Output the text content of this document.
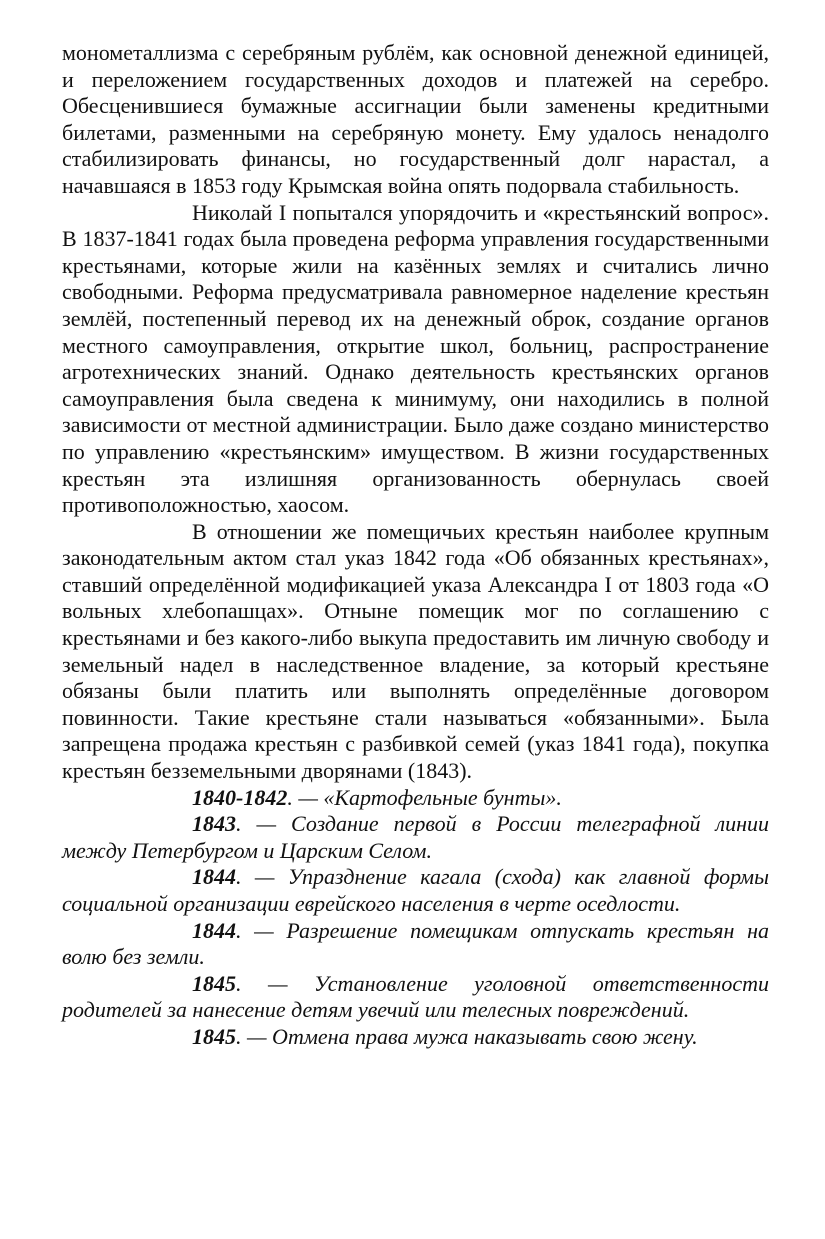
монометаллизма с серебряным рублём, как основной денежной единицей, и переложением государственных доходов и платежей на серебро. Обесценившиеся бумажные ассигнации были заменены кредитными билетами, разменными на серебряную монету. Ему удалось ненадолго стабилизировать финансы, но государственный долг нарастал, а начавшаяся в 1853 году Крымская война опять подорвала стабильность.

Николай I попытался упорядочить и «крестьянский вопрос». В 1837-1841 годах была проведена реформа управления государственными крестьянами, которые жили на казённых землях и считались лично свободными. Реформа предусматривала равномерное наделение крестьян землёй, постепенный перевод их на денежный оброк, создание органов местного самоуправления, открытие школ, больниц, распространение агротехнических знаний. Однако деятельность крестьянских органов самоуправления была сведена к минимуму, они находились в полной зависимости от местной администрации. Было даже создано министерство по управлению «крестьянским» имуществом. В жизни государственных крестьян эта излишняя организованность обернулась своей противоположностью, хаосом.

В отношении же помещичьих крестьян наиболее крупным законодательным актом стал указ 1842 года «Об обязанных крестьянах», ставший определённой модификацией указа Александра I от 1803 года «О вольных хлебопашцах». Отныне помещик мог по соглашению с крестьянами и без какого-либо выкупа предоставить им личную свободу и земельный надел в наследственное владение, за который крестьяне обязаны были платить или выполнять определённые договором повинности. Такие крестьяне стали называться «обязанными». Была запрещена продажа крестьян с разбивкой семей (указ 1841 года), покупка крестьян безземельными дворянами (1843).

1840-1842. — «Картофельные бунты».

1843. — Создание первой в России телеграфной линии между Петербургом и Царским Селом.

1844. — Упразднение кагала (схода) как главной формы социальной организации еврейского населения в черте оседлости.

1844. — Разрешение помещикам отпускать крестьян на волю без земли.

1845. — Установление уголовной ответственности родителей за нанесение детям увечий или телесных повреждений.

1845. — Отмена права мужа наказывать свою жену.
